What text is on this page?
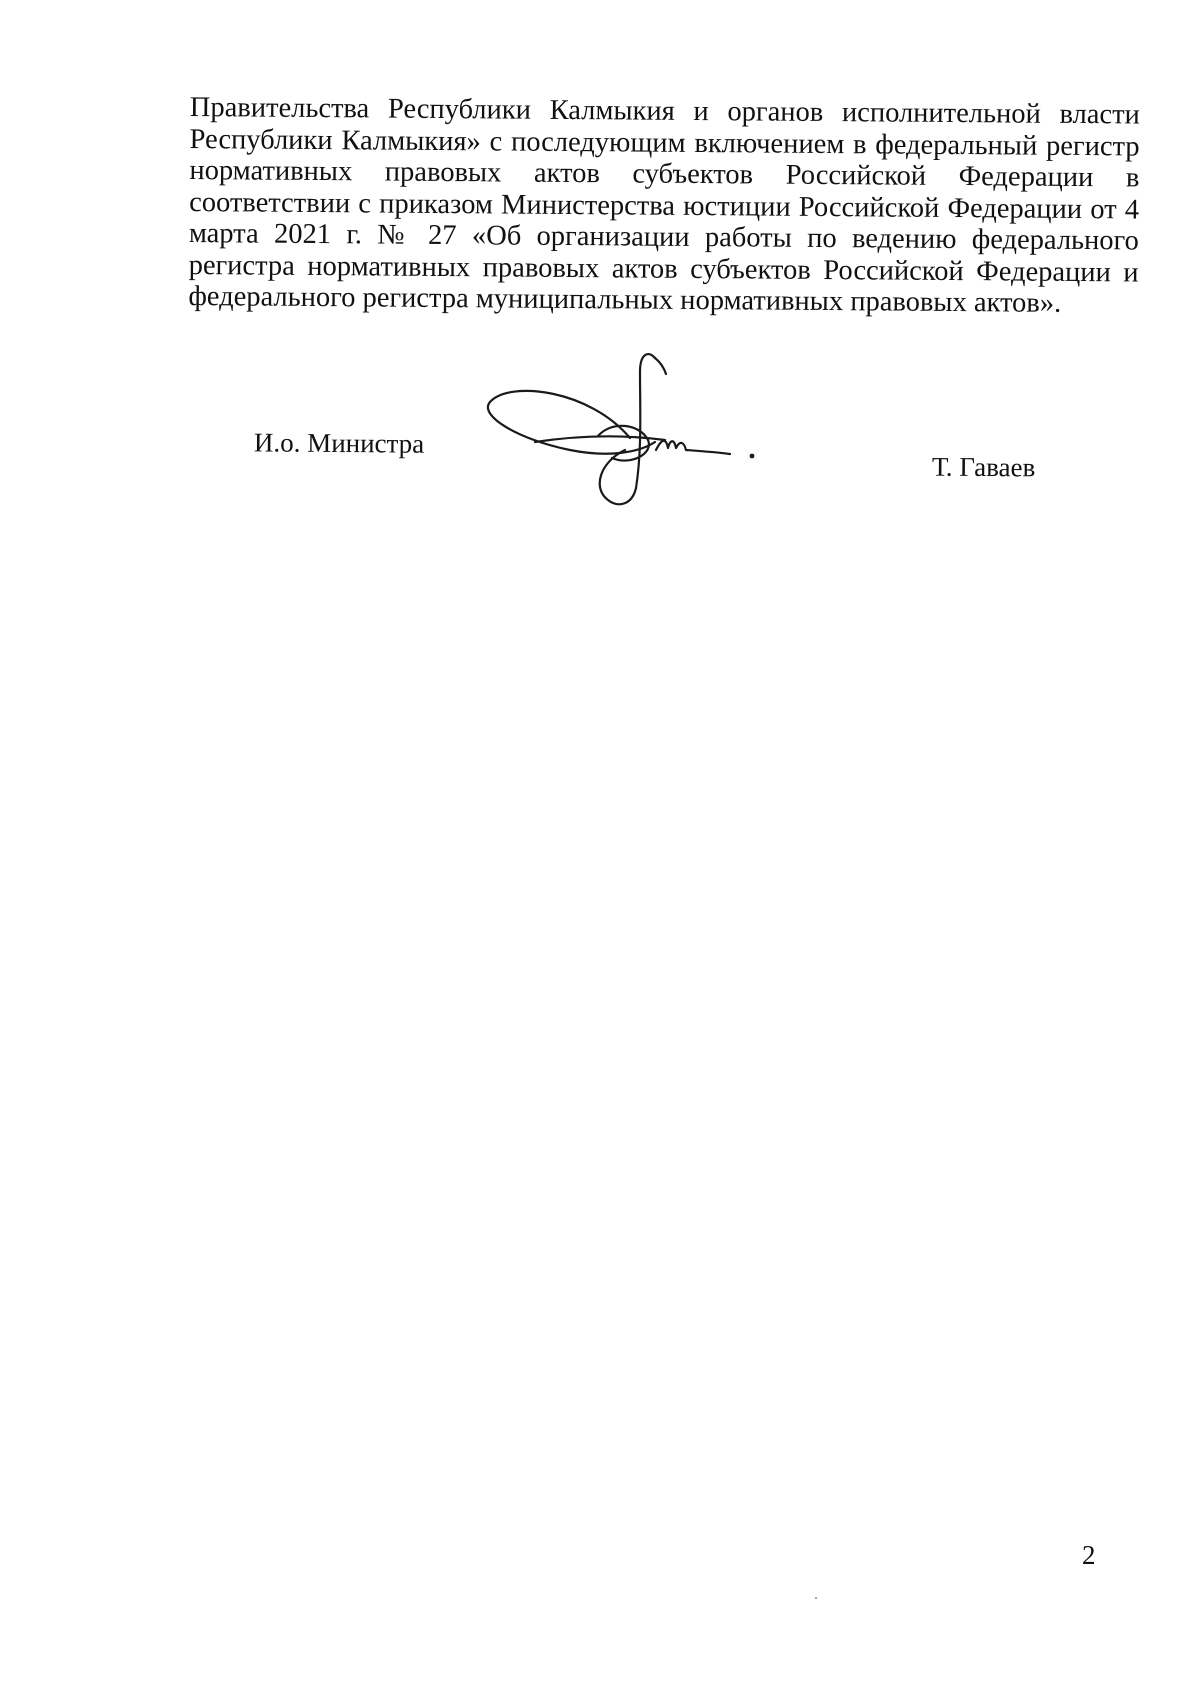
Правительства Республики Калмыкия и органов исполнительной власти
Республики Калмыкия» с последующим включением в федеральный регистр
нормативных правовых актов субъектов Российской Федерации в
соответствии с приказом Министерства юстиции Российской Федерации от 4
марта 2021 г. № 27 «Об организации работы по ведению федерального
регистра нормативных правовых актов субъектов Российской Федерации и
федерального регистра муниципальных нормативных правовых актов».
И.о. Министра
Т. Гаваев
2
